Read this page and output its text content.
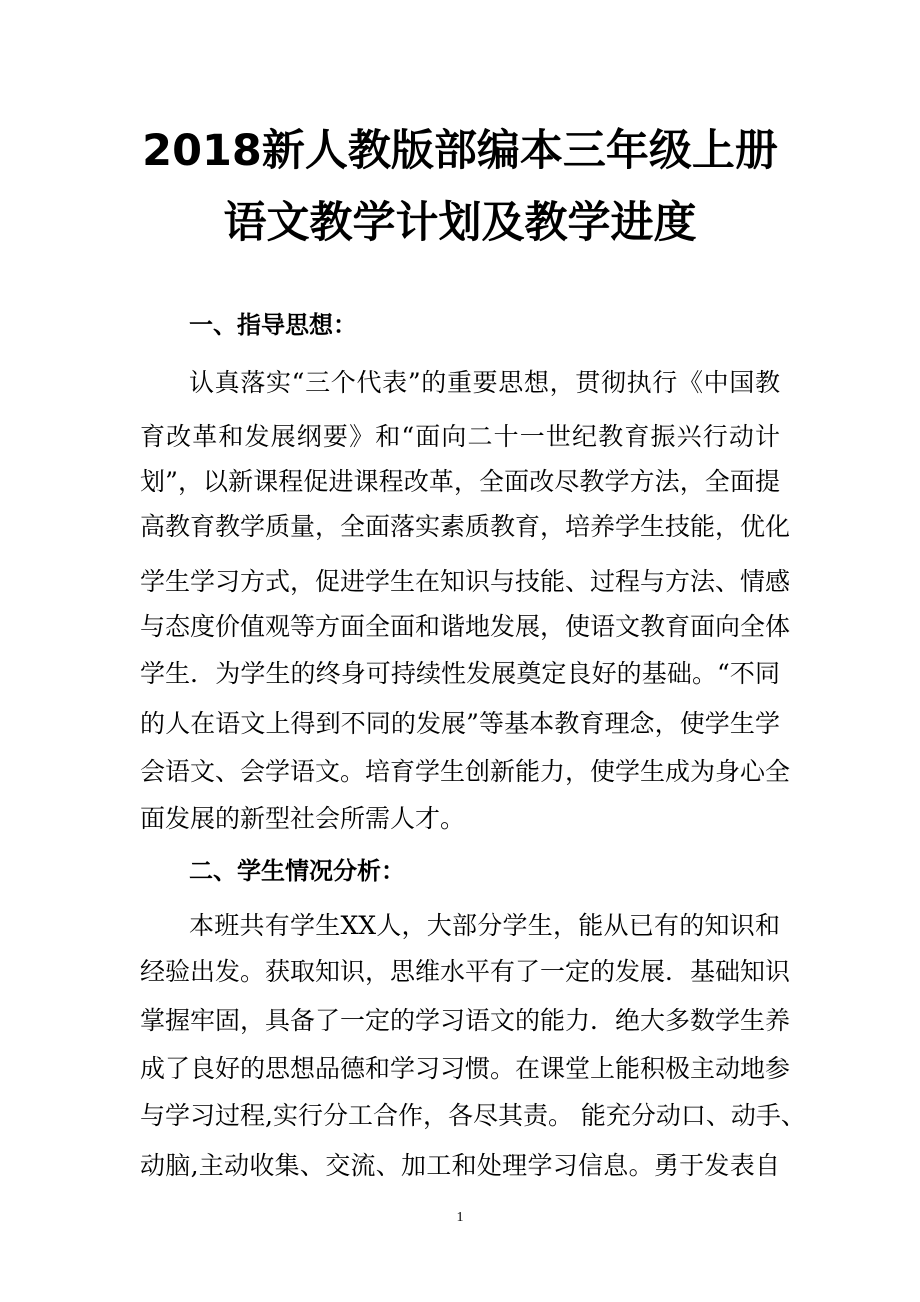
2018新人教版部编本三年级上册
语文教学计划及教学进度
一、指导思想：
认真落实“三个代表”的重要思想，贯彻执行《中国教
育改革和发展纲要》和“面向二十一世纪教育振兴行动计
划”，以新课程促进课程改革，全面改尽教学方法，全面提
高教育教学质量，全面落实素质教育，培养学生技能，优化
学生学习方式，促进学生在知识与技能、过程与方法、情感
与态度价值观等方面全面和谐地发展，使语文教育面向全体
学生．为学生的终身可持续性发展奠定良好的基础。“不同
的人在语文上得到不同的发展”等基本教育理念，使学生学
会语文、会学语文。培育学生创新能力，使学生成为身心全
面发展的新型社会所需人才。
二、学生情况分析：
本班共有学生XX人，大部分学生，能从已有的知识和
经验出发。获取知识，思维水平有了一定的发展．基础知识
掌握牢固，具备了一定的学习语文的能力．绝大多数学生养
成了良好的思想品德和学习习惯。在课堂上能积极主动地参
与学习过程,实行分工合作，各尽其责。 能充分动口、动手、
动脑,主动收集、交流、加工和处理学习信息。勇于发表自
1
